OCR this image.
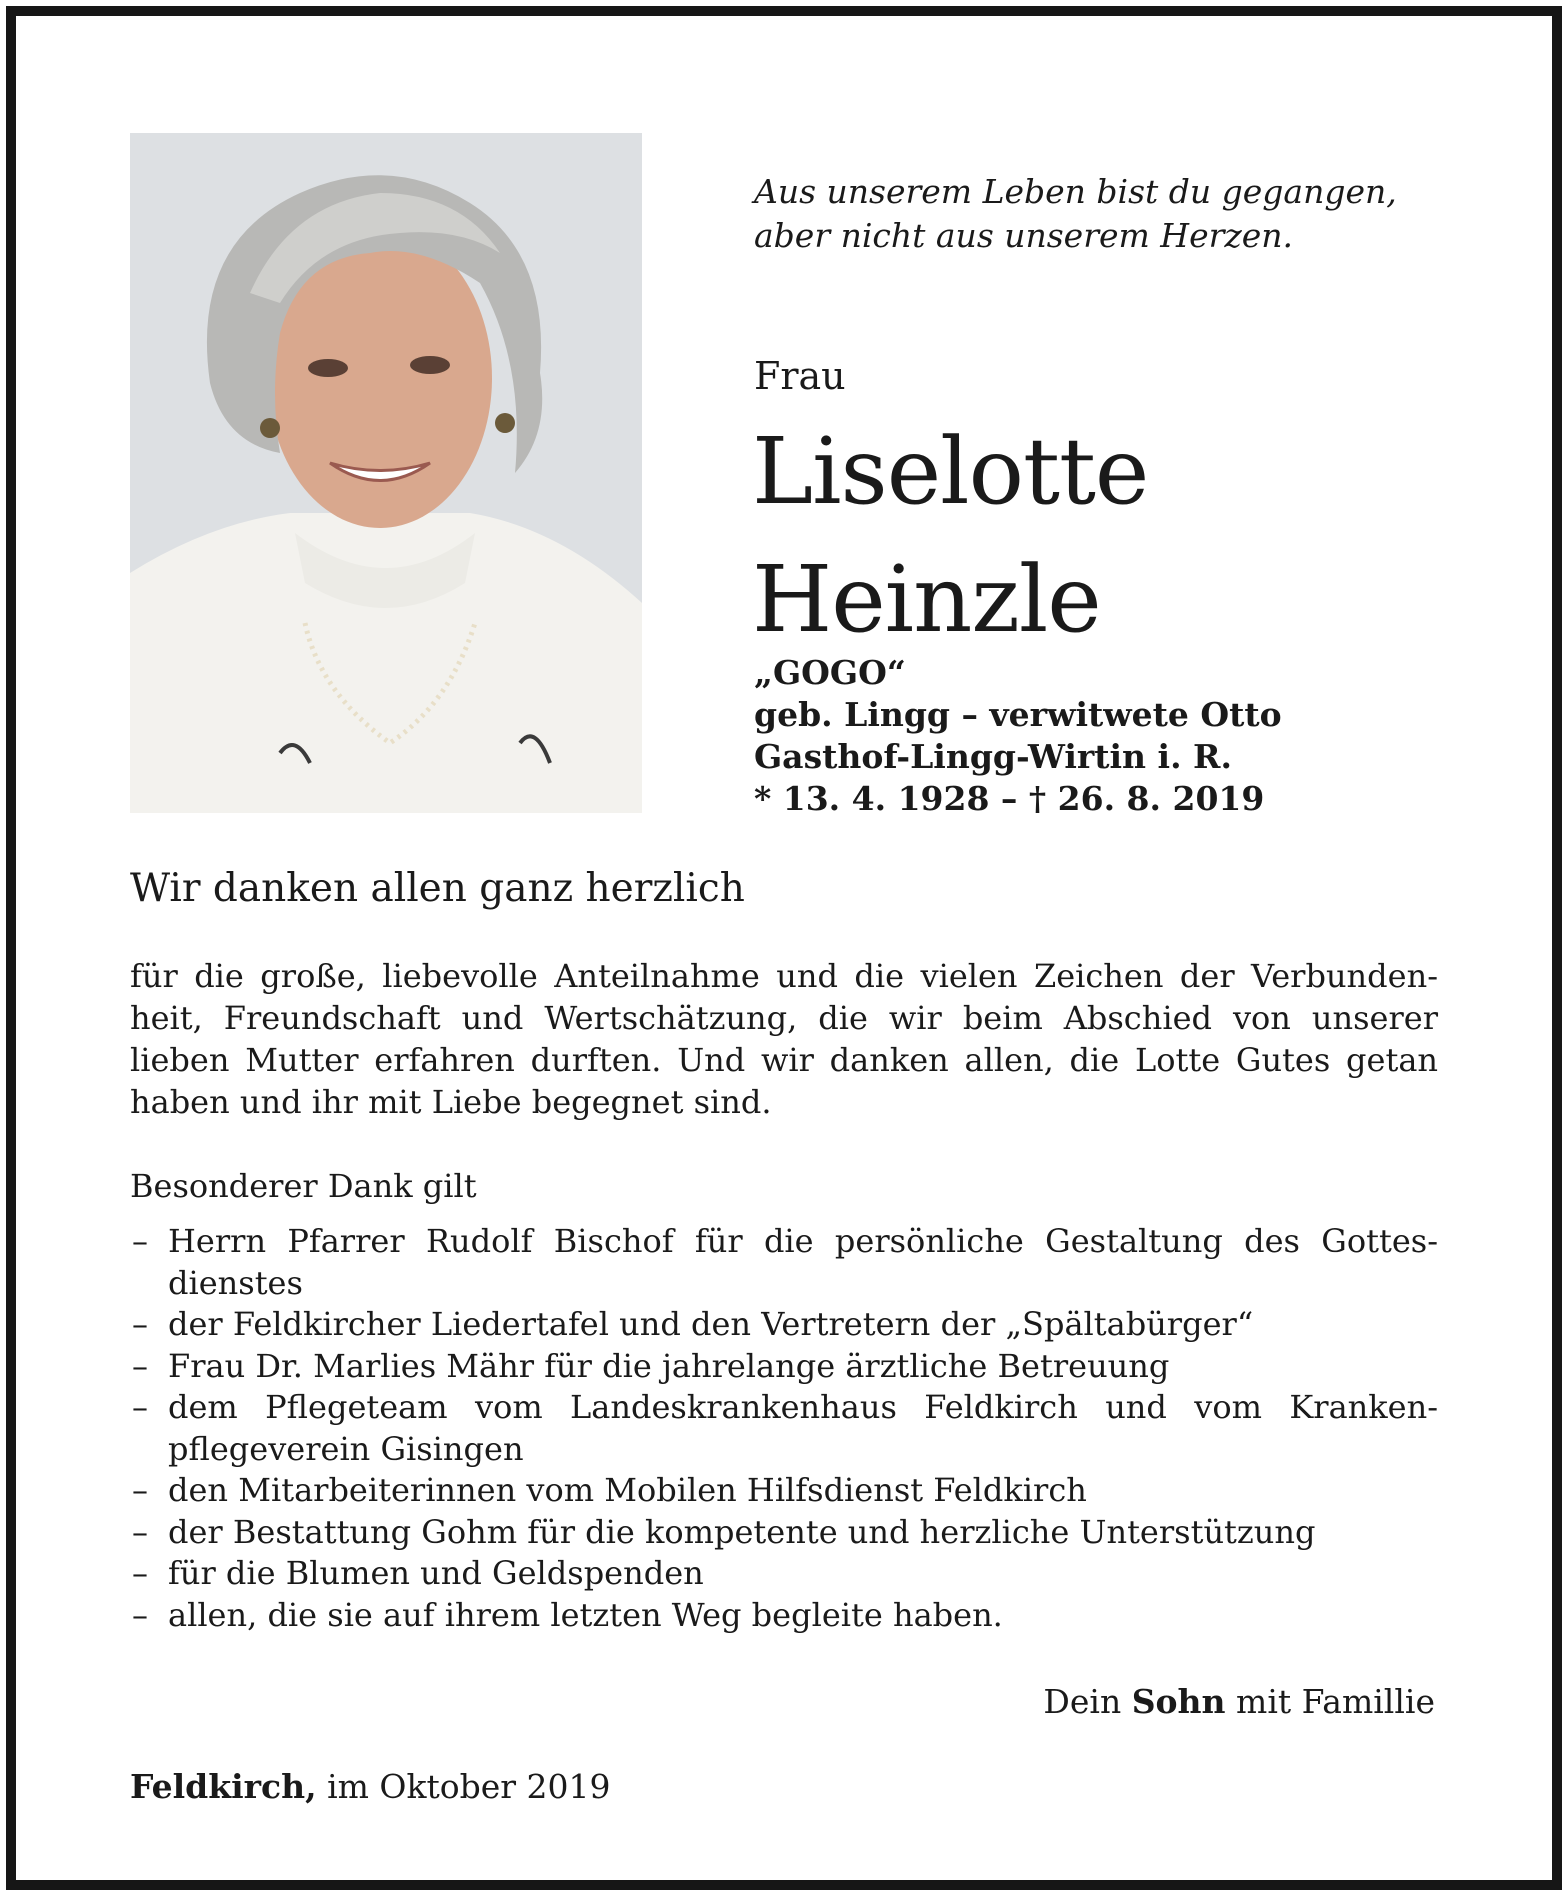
Aus unserem Leben bist du gegangen,
aber nicht aus unserem Herzen.
Frau
Liselotte
Heinzle
„GOGO“
geb. Lingg – verwitwete Otto
Gasthof-Lingg-Wirtin i. R.
* 13. 4. 1928 – † 26. 8. 2019
Wir danken allen ganz herzlich
für die große, liebevolle Anteilnahme und die vielen Zeichen der Verbunden-
heit, Freundschaft und Wertschätzung, die wir beim Abschied von unserer
lieben Mutter erfahren durften. Und wir danken allen, die Lotte Gutes getan
haben und ihr mit Liebe begegnet sind.
Besonderer Dank gilt
– Herrn Pfarrer Rudolf Bischof für die persönliche Gestaltung des Gottes-
dienstes
– der Feldkircher Liedertafel und den Vertretern der „Spältabürger“
– Frau Dr. Marlies Mähr für die jahrelange ärztliche Betreuung
– dem Pflegeteam vom Landeskrankenhaus Feldkirch und vom Kranken-
pflegeverein Gisingen
– den Mitarbeiterinnen vom Mobilen Hilfsdienst Feldkirch
– der Bestattung Gohm für die kompetente und herzliche Unterstützung
– für die Blumen und Geldspenden
– allen, die sie auf ihrem letzten Weg begleite haben.
Dein Sohn mit Famillie
Feldkirch, im Oktober 2019
